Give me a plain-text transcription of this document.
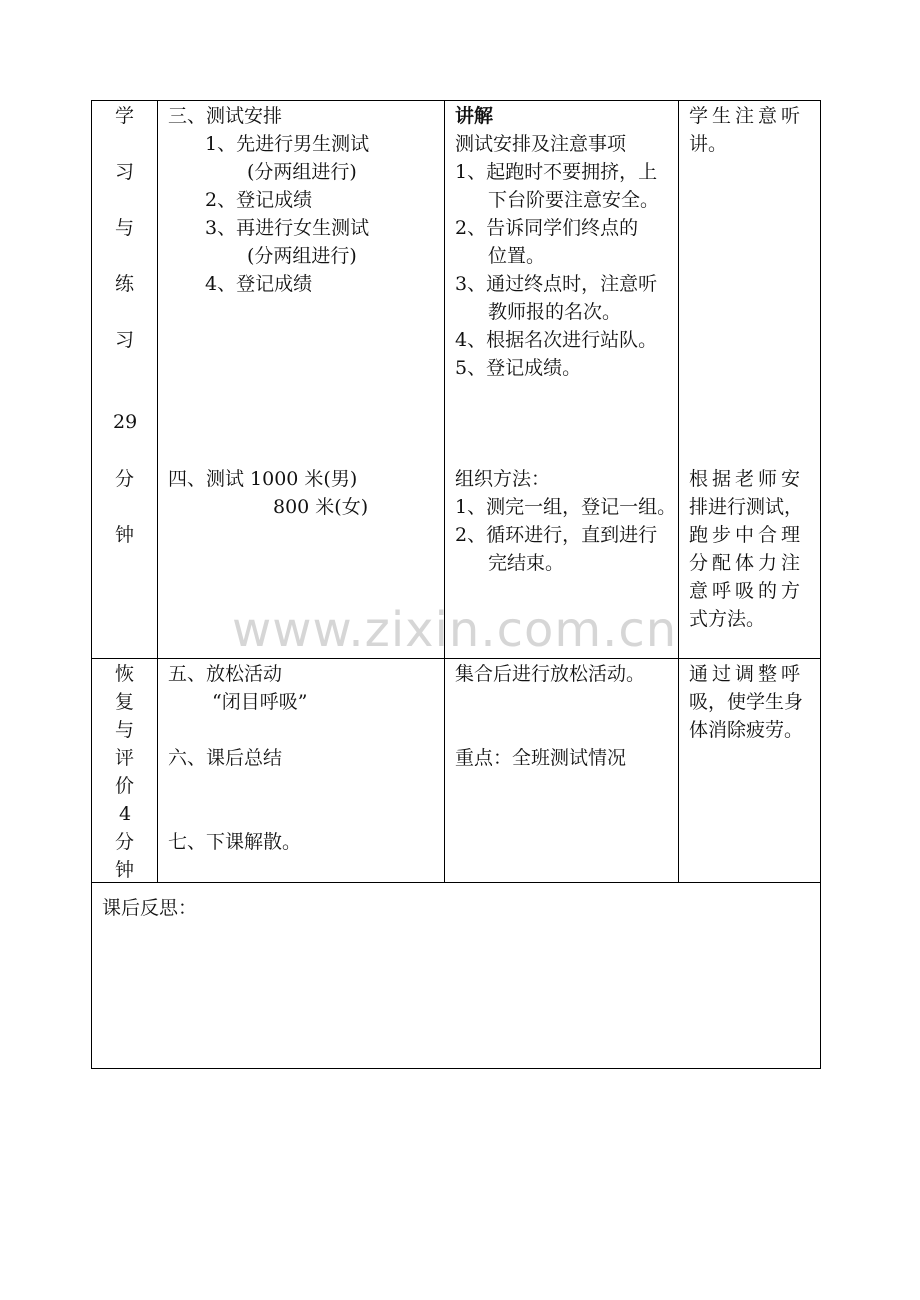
学
习
与
练
习
29
分
钟
三、测试安排
1、先进行男生测试
(分两组进行)
2、登记成绩
3、再进行女生测试
(分两组进行)
4、登记成绩
四、测试 1000 米(男)
800 米(女)
讲解
测试安排及注意事项
1、起跑时不要拥挤，上
下台阶要注意安全。
2、告诉同学们终点的
位置。
3、通过终点时，注意听
教师报的名次。
4、根据名次进行站队。
5、登记成绩。
组织方法：
1、测完一组，登记一组。
2、循环进行，直到进行
完结束。
学生注意听
讲。
根据老师安
排进行测试，
跑步中合理
分配体力注
意呼吸的方
式方法。
www.zixin.com.cn
恢
复
与
评
价
4
分
钟
五、放松活动
“闭目呼吸”
六、课后总结
七、下课解散。
集合后进行放松活动。
重点：全班测试情况
通过调整呼
吸，使学生身
体消除疲劳。
课后反思：
